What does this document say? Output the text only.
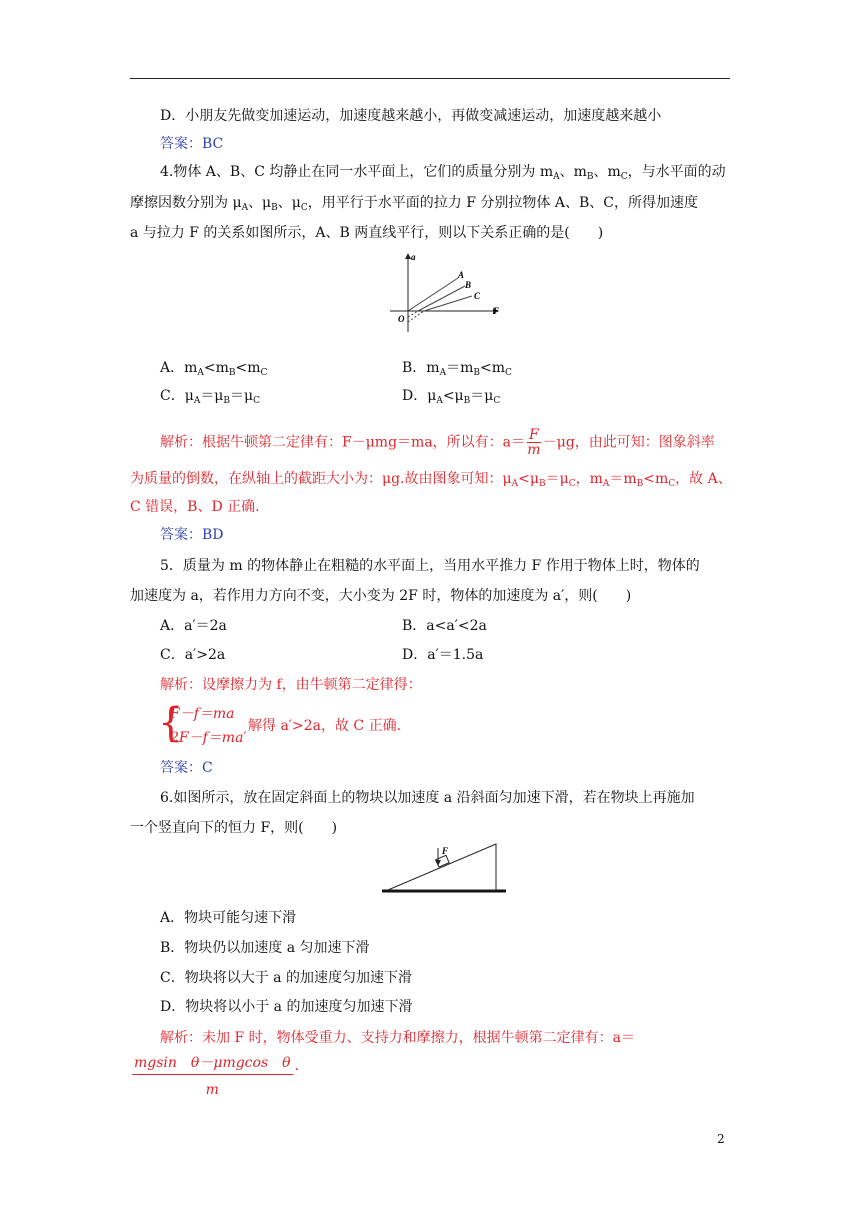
D．小朋友先做变加速运动，加速度越来越小，再做变减速运动，加速度越来越小
答案：BC
4.物体 A、B、C 均静止在同一水平面上，它们的质量分别为 $m_A$、$m_B$、$m_C$，与水平面的动
摩擦因数分别为 $\mu_A$、$\mu_B$、$\mu_C$，用平行于水平面的拉力 F 分别拉物体 A、B、C，所得加速度
a 与拉力 F 的关系如图所示，A、B 两直线平行，则以下关系正确的是(　　)
a
F
O
A
B
C
A．$m_A<m_B<m_C$	B．$m_A=m_B<m_C$
C．$\mu_A=\mu_B=\mu_C$	D．$\mu_A<\mu_B=\mu_C$
解析：根据牛顿第二定律有：F－μmg＝ma，所以有：$a= \frac{F}{m} -\mu g$，由此可知：图象斜率
为质量的倒数，在纵轴上的截距大小为：μg.故由图象可知：$\mu_A<\mu_B=\mu_C$，$m_A=m_B<m_C$，故 A、
C 错误，B、D 正确.
答案：BD
5．质量为 m 的物体静止在粗糙的水平面上，当用水平推力 F 作用于物体上时，物体的
加速度为 a，若作用力方向不变，大小变为 2F 时，物体的加速度为 a′，则(　　)
A．a′＝2a	B．a<a′<2a
C．a′>2a	D．a′＝1.5a
解析：设摩擦力为 f，由牛顿第二定律得：
{
F－f＝ma
2F－f＝ma′
解得 a′>2a，故 C 正确.
答案：C
6.如图所示，放在固定斜面上的物块以加速度 a 沿斜面匀加速下滑，若在物块上再施加
一个竖直向下的恒力 F，则(　　)
F
A．物块可能匀速下滑
B．物块仍以加速度 a 匀加速下滑
C．物块将以大于 a 的加速度匀加速下滑
D．物块将以小于 a 的加速度匀加速下滑
解析：未加 F 时，物体受重力、支持力和摩擦力，根据牛顿第二定律有：a＝
$\frac{\text{mgsin　θ－μmgcos　θ}}{m}$ .
2
